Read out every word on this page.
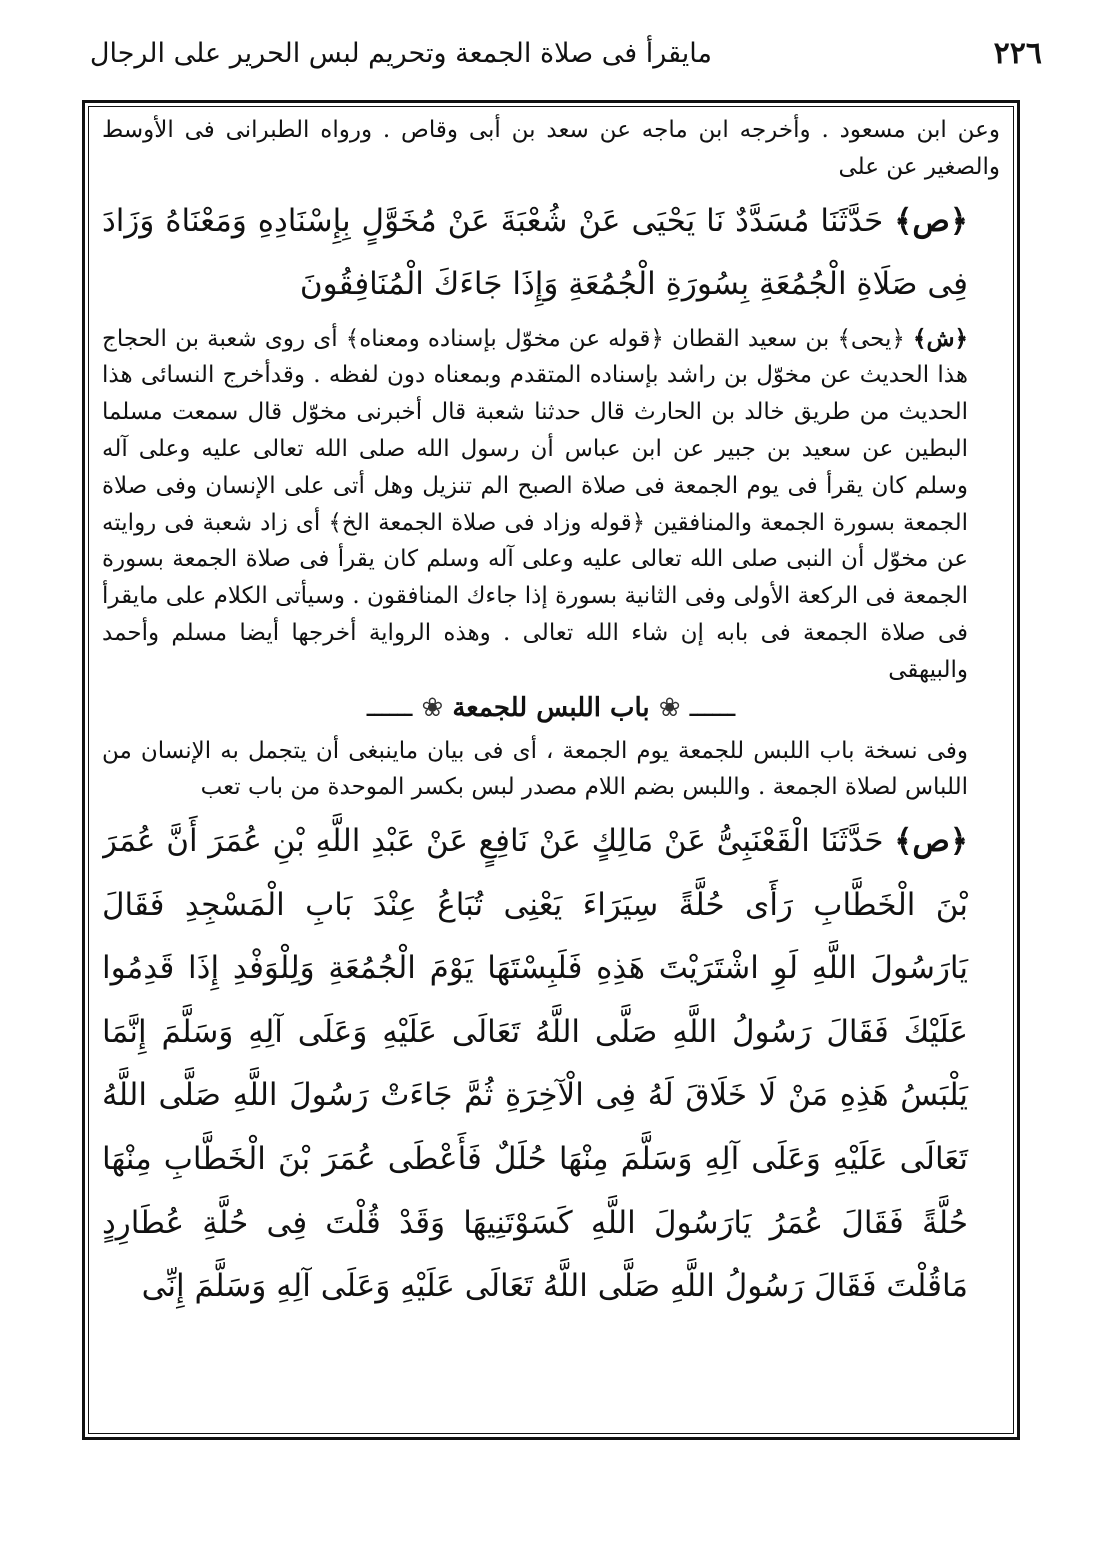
٢٢٦
مايقرأ فى صلاة الجمعة وتحريم لبس الحرير على الرجال

وعن ابن مسعود . وأخرجه ابن ماجه عن سعد بن أبى وقاص . ورواه الطبرانى فى الأوسط والصغير عن على

﴿ص﴾ حَدَّثَنَا مُسَدَّدٌ نَا يَحْيَى عَنْ شُعْبَةَ عَنْ مُخَوَّلٍ بِإِسْنَادِهِ وَمَعْنَاهُ وَزَادَ فِى صَلَاةِ الْجُمُعَةِ بِسُورَةِ الْجُمُعَةِ وَإِذَا جَاءَكَ الْمُنَافِقُونَ

﴿ش﴾ ﴿يحى﴾ بن سعيد القطان ﴿قوله عن مخوّل بإسناده ومعناه﴾ أى روى شعبة بن الحجاج هذا الحديث عن مخوّل بن راشد بإسناده المتقدم وبمعناه دون لفظه . وقدأخرج النسائى هذا الحديث من طريق خالد بن الحارث قال حدثنا شعبة قال أخبرنى مخوّل قال سمعت مسلما البطين عن سعيد بن جبير عن ابن عباس أن رسول الله صلى الله تعالى عليه وعلى آله وسلم كان يقرأ فى يوم الجمعة فى صلاة الصبح الم تنزيل وهل أتى على الإنسان وفى صلاة الجمعة بسورة الجمعة والمنافقين ﴿قوله وزاد فى صلاة الجمعة الخ﴾ أى زاد شعبة فى روايته عن مخوّل أن النبى صلى الله تعالى عليه وعلى آله وسلم كان يقرأ فى صلاة الجمعة بسورة الجمعة فى الركعة الأولى وفى الثانية بسورة إذا جاءك المنافقون . وسيأتى الكلام على مايقرأ فى صلاة الجمعة فى بابه إن شاء الله تعالى . وهذه الرواية أخرجها أيضا مسلم وأحمد والبيهقى

ــــــ ❀ باب اللبس للجمعة ❀ ــــــ

وفى نسخة باب اللبس للجمعة يوم الجمعة ، أى فى بيان ماينبغى أن يتجمل به الإنسان من اللباس لصلاة الجمعة . واللبس بضم اللام مصدر لبس بكسر الموحدة من باب تعب

﴿ص﴾ حَدَّثَنَا الْقَعْنَبِىُّ عَنْ مَالِكٍ عَنْ نَافِعٍ عَنْ عَبْدِ اللَّهِ بْنِ عُمَرَ أَنَّ عُمَرَ بْنَ الْخَطَّابِ رَأَى حُلَّةً سِيَرَاءَ يَعْنِى تُبَاعُ عِنْدَ بَابِ الْمَسْجِدِ فَقَالَ يَارَسُولَ اللَّهِ لَوِ اشْتَرَيْتَ هَذِهِ فَلَبِسْتَهَا يَوْمَ الْجُمُعَةِ وَلِلْوَفْدِ إِذَا قَدِمُوا عَلَيْكَ فَقَالَ رَسُولُ اللَّهِ صَلَّى اللَّهُ تَعَالَى عَلَيْهِ وَعَلَى آلِهِ وَسَلَّمَ إِنَّمَا يَلْبَسُ هَذِهِ مَنْ لَا خَلَاقَ لَهُ فِى الْآخِرَةِ ثُمَّ جَاءَتْ رَسُولَ اللَّهِ صَلَّى اللَّهُ تَعَالَى عَلَيْهِ وَعَلَى آلِهِ وَسَلَّمَ مِنْهَا حُلَلٌ فَأَعْطَى عُمَرَ بْنَ الْخَطَّابِ مِنْهَا حُلَّةً فَقَالَ عُمَرُ يَارَسُولَ اللَّهِ كَسَوْتَنِيهَا وَقَدْ قُلْتَ فِى حُلَّةِ عُطَارِدٍ مَاقُلْتَ فَقَالَ رَسُولُ اللَّهِ صَلَّى اللَّهُ تَعَالَى عَلَيْهِ وَعَلَى آلِهِ وَسَلَّمَ إِنِّى
